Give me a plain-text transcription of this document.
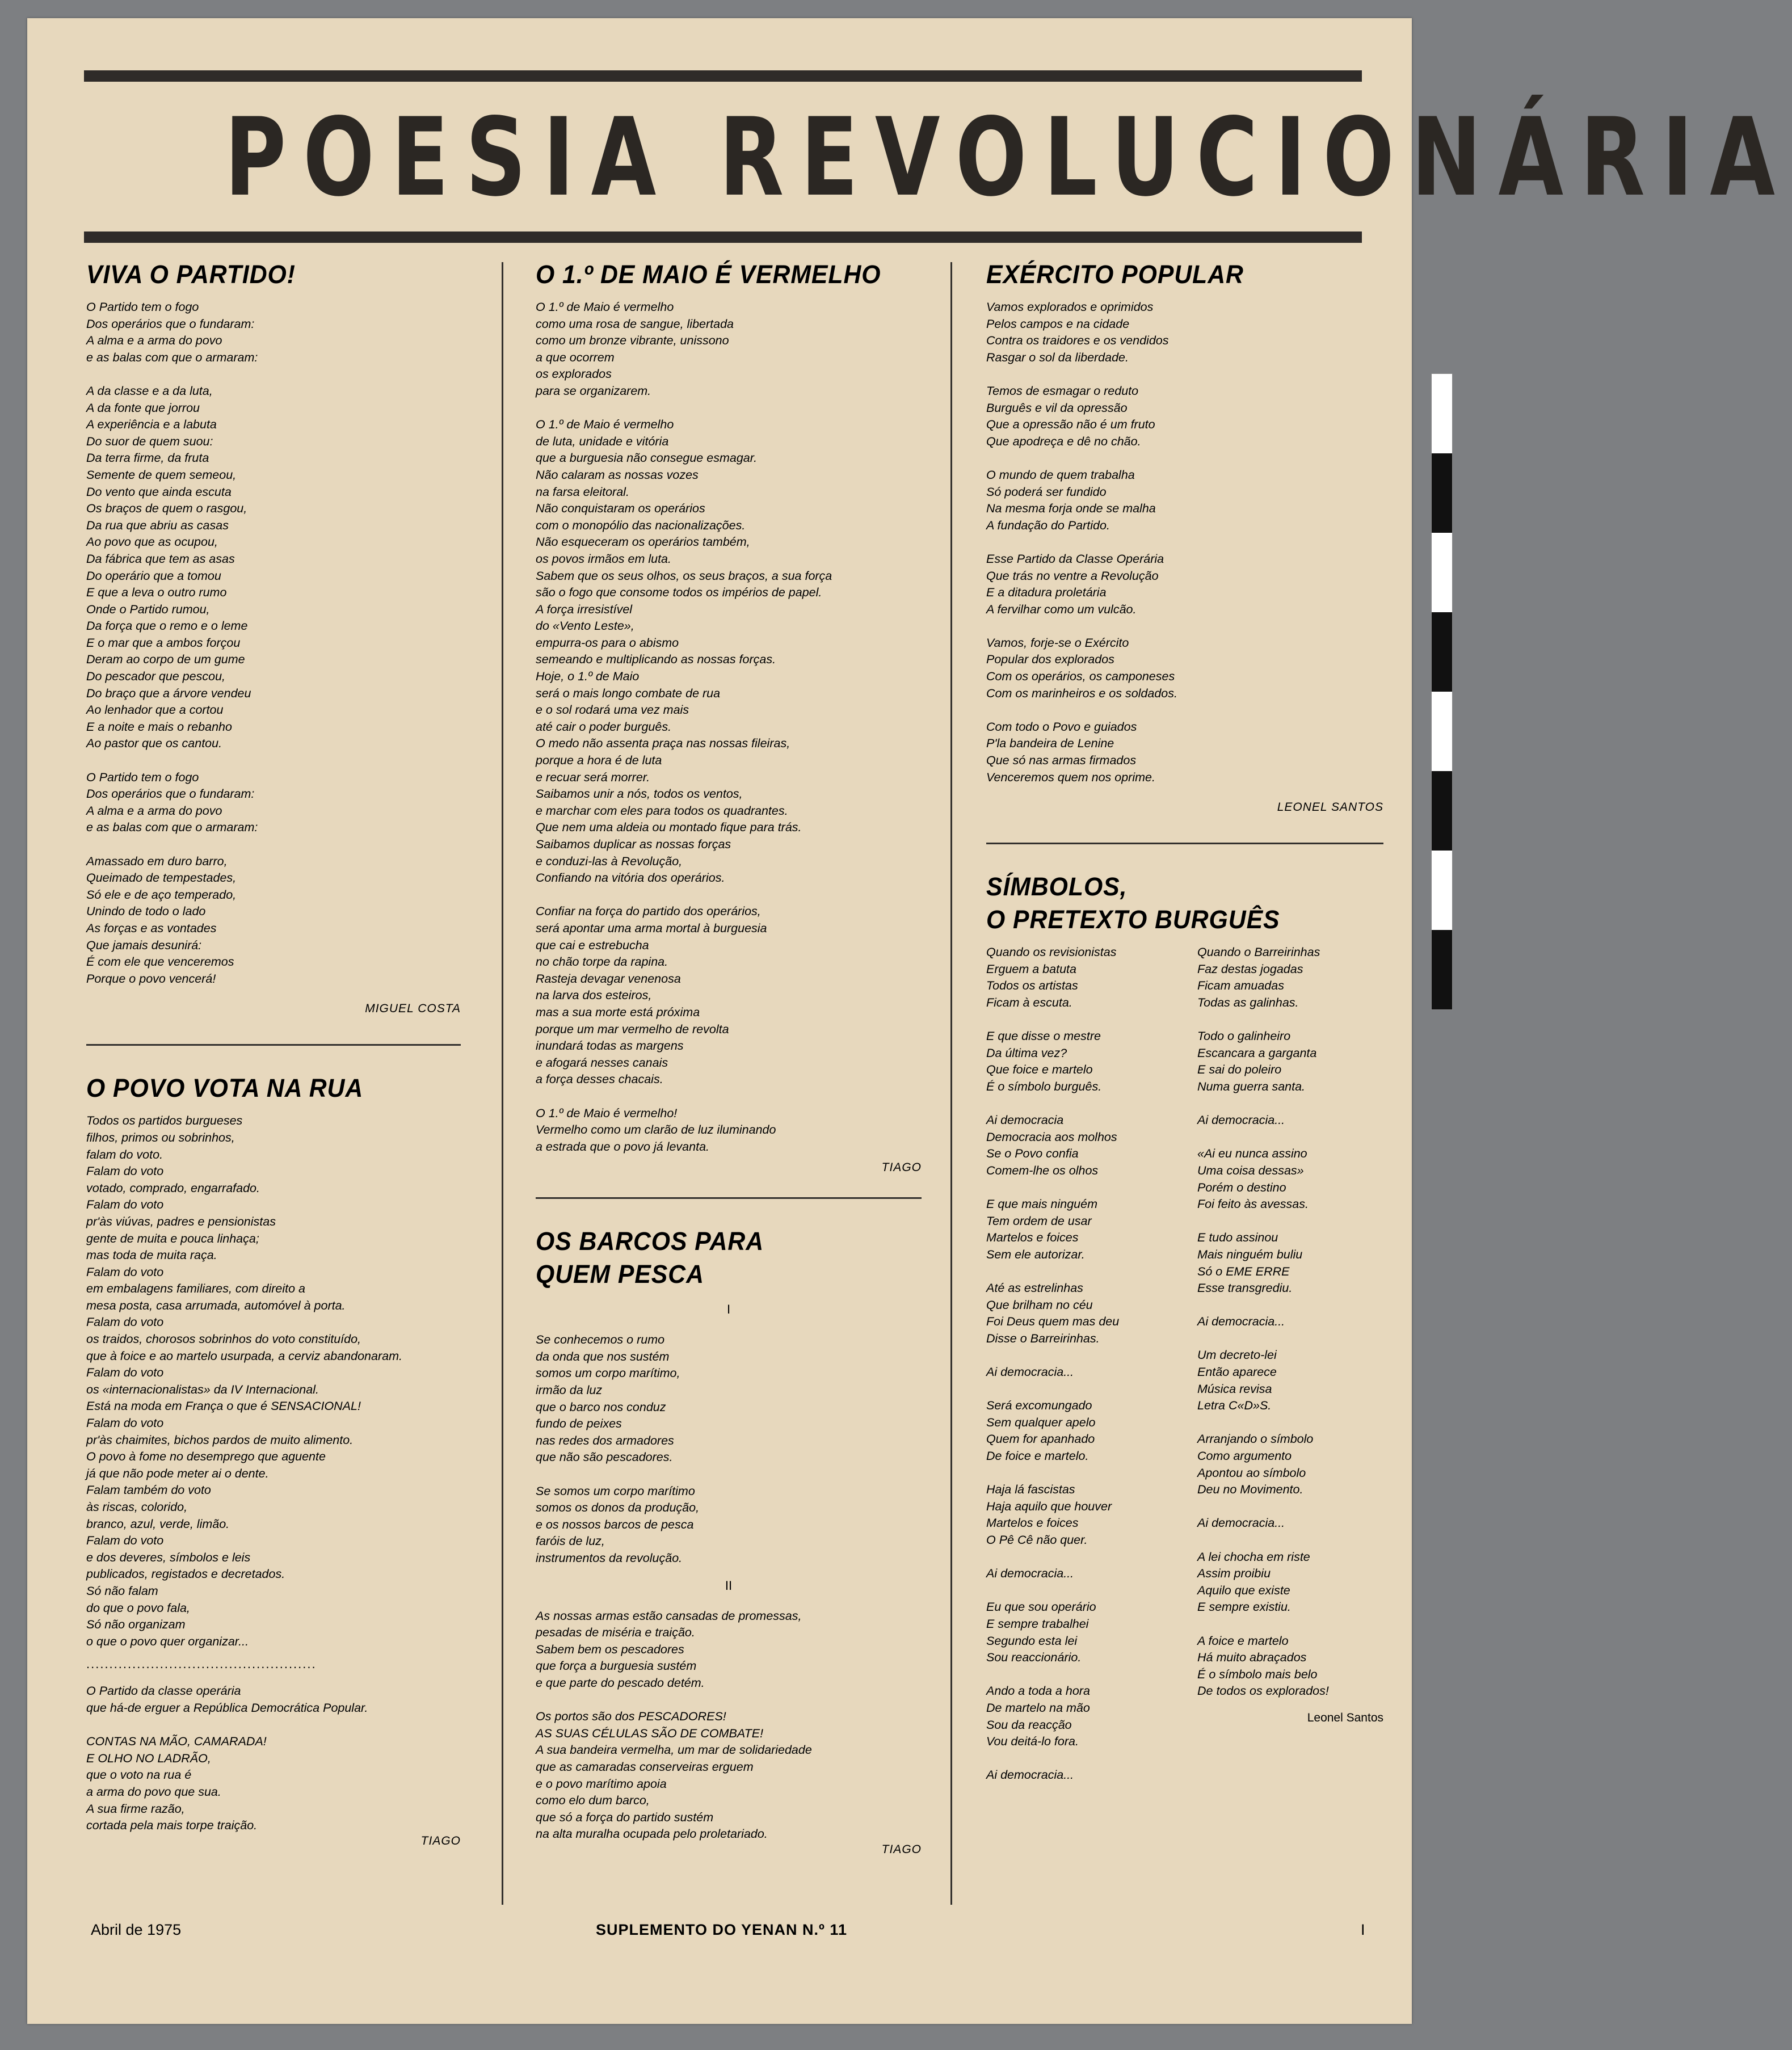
POESIA REVOLUCIONÁRIA
VIVA O PARTIDO!
O Partido tem o fogo
Dos operários que o fundaram:
A alma e a arma do povo
e as balas com que o armaram:
A da classe e a da luta,
A da fonte que jorrou
A experiência e a labuta
Do suor de quem suou:
Da terra firme, da fruta
Semente de quem semeou,
Do vento que ainda escuta
Os braços de quem o rasgou,
Da rua que abriu as casas
Ao povo que as ocupou,
Da fábrica que tem as asas
Do operário que a tomou
E que a leva o outro rumo
Onde o Partido rumou,
Da força que o remo e o leme
E o mar que a ambos forçou
Deram ao corpo de um gume
Do pescador que pescou,
Do braço que a árvore vendeu
Ao lenhador que a cortou
E a noite e mais o rebanho
Ao pastor que os cantou.
O Partido tem o fogo
Dos operários que o fundaram:
A alma e a arma do povo
e as balas com que o armaram:
Amassado em duro barro,
Queimado de tempestades,
Só ele e de aço temperado,
Unindo de todo o lado
As forças e as vontades
Que jamais desunirá:
É com ele que venceremos
Porque o povo vencerá!
MIGUEL COSTA
O POVO VOTA NA RUA
Todos os partidos burgueses
filhos, primos ou sobrinhos,
falam do voto.
Falam do voto
votado, comprado, engarrafado.
Falam do voto
pr'às viúvas, padres e pensionistas
gente de muita e pouca linhaça;
mas toda de muita raça.
Falam do voto
em embalagens familiares, com direito a
mesa posta, casa arrumada, automóvel à porta.
Falam do voto
os traidos, chorosos sobrinhos do voto constituído,
que à foice e ao martelo usurpada, a cerviz abandonaram.
Falam do voto
os «internacionalistas» da IV Internacional.
Está na moda em França o que é SENSACIONAL!
Falam do voto
pr'às chaimites, bichos pardos de muito alimento.
O povo à fome no desemprego que aguente
já que não pode meter ai o dente.
Falam também do voto
às riscas, colorido,
branco, azul, verde, limão.
Falam do voto
e dos deveres, símbolos e leis
publicados, registados e decretados.
Só não falam
do que o povo fala,
Só não organizam
o que o povo quer organizar...
..................................................
O Partido da classe operária
que há-de erguer a República Democrática Popular.
CONTAS NA MÃO, CAMARADA!
E OLHO NO LADRÃO,
que o voto na rua é
a arma do povo que sua.
A sua firme razão,
cortada pela mais torpe traição.
TIAGO
O 1.º DE MAIO É VERMELHO
O 1.º de Maio é vermelho
como uma rosa de sangue, libertada
como um bronze vibrante, unissono
a que ocorrem
os explorados
para se organizarem.
O 1.º de Maio é vermelho
de luta, unidade e vitória
que a burguesia não consegue esmagar.
Não calaram as nossas vozes
na farsa eleitoral.
Não conquistaram os operários
com o monopólio das nacionalizações.
Não esqueceram os operários também,
os povos irmãos em luta.
Sabem que os seus olhos, os seus braços, a sua força
são o fogo que consome todos os impérios de papel.
A força irresistível
do «Vento Leste»,
empurra-os para o abismo
semeando e multiplicando as nossas forças.
Hoje, o 1.º de Maio
será o mais longo combate de rua
e o sol rodará uma vez mais
até cair o poder burguês.
O medo não assenta praça nas nossas fileiras,
porque a hora é de luta
e recuar será morrer.
Saibamos unir a nós, todos os ventos,
e marchar com eles para todos os quadrantes.
Que nem uma aldeia ou montado fique para trás.
Saibamos duplicar as nossas forças
e conduzi-las à Revolução,
Confiando na vitória dos operários.
Confiar na força do partido dos operários,
será apontar uma arma mortal à burguesia
que cai e estrebucha
no chão torpe da rapina.
Rasteja devagar venenosa
na larva dos esteiros,
mas a sua morte está próxima
porque um mar vermelho de revolta
inundará todas as margens
e afogará nesses canais
a força desses chacais.
O 1.º de Maio é vermelho!
Vermelho como um clarão de luz iluminando
a estrada que o povo já levanta.
TIAGO
OS BARCOS PARA
QUEM PESCA
I
Se conhecemos o rumo
da onda que nos sustém
somos um corpo marítimo,
irmão da luz
que o barco nos conduz
fundo de peixes
nas redes dos armadores
que não são pescadores.
Se somos um corpo marítimo
somos os donos da produção,
e os nossos barcos de pesca
faróis de luz,
instrumentos da revolução.
II
As nossas armas estão cansadas de promessas,
pesadas de miséria e traição.
Sabem bem os pescadores
que força a burguesia sustém
e que parte do pescado detém.
Os portos são dos PESCADORES!
AS SUAS CÉLULAS SÃO DE COMBATE!
A sua bandeira vermelha, um mar de solidariedade
que as camaradas conserveiras erguem
e o povo marítimo apoia
como elo dum barco,
que só a força do partido sustém
na alta muralha ocupada pelo proletariado.
TIAGO
EXÉRCITO POPULAR
Vamos explorados e oprimidos
Pelos campos e na cidade
Contra os traidores e os vendidos
Rasgar o sol da liberdade.
Temos de esmagar o reduto
Burguês e vil da opressão
Que a opressão não é um fruto
Que apodreça e dê no chão.
O mundo de quem trabalha
Só poderá ser fundido
Na mesma forja onde se malha
A fundação do Partido.
Esse Partido da Classe Operária
Que trás no ventre a Revolução
E a ditadura proletária
A fervilhar como um vulcão.
Vamos, forje-se o Exército
Popular dos explorados
Com os operários, os camponeses
Com os marinheiros e os soldados.
Com todo o Povo e guiados
P'la bandeira de Lenine
Que só nas armas firmados
Venceremos quem nos oprime.
LEONEL SANTOS
SÍMBOLOS,
O PRETEXTO BURGUÊS
Quando os revisionistas
Erguem a batuta
Todos os artistas
Ficam à escuta.
E que disse o mestre
Da última vez?
Que foice e martelo
É o símbolo burguês.
Ai democracia
Democracia aos molhos
Se o Povo confia
Comem-lhe os olhos
E que mais ninguém
Tem ordem de usar
Martelos e foices
Sem ele autorizar.
Até as estrelinhas
Que brilham no céu
Foi Deus quem mas deu
Disse o Barreirinhas.
Ai democracia...
Será excomungado
Sem qualquer apelo
Quem for apanhado
De foice e martelo.
Haja lá fascistas
Haja aquilo que houver
Martelos e foices
O Pê Cê não quer.
Ai democracia...
Eu que sou operário
E sempre trabalhei
Segundo esta lei
Sou reaccionário.
Ando a toda a hora
De martelo na mão
Sou da reacção
Vou deitá-lo fora.
Ai democracia...
Quando o Barreirinhas
Faz destas jogadas
Ficam amuadas
Todas as galinhas.
Todo o galinheiro
Escancara a garganta
E sai do poleiro
Numa guerra santa.
Ai democracia...
«Ai eu nunca assino
Uma coisa dessas»
Porém o destino
Foi feito às avessas.
E tudo assinou
Mais ninguém buliu
Só o EME ERRE
Esse transgrediu.
Ai democracia...
Um decreto-lei
Então aparece
Música revisa
Letra C«D»S.
Arranjando o símbolo
Como argumento
Apontou ao símbolo
Deu no Movimento.
Ai democracia...
A lei chocha em riste
Assim proibiu
Aquilo que existe
E sempre existiu.
A foice e martelo
Há muito abraçados
É o símbolo mais belo
De todos os explorados!
Leonel Santos
Abril de 1975	SUPLEMENTO DO YENAN N.º 11	I
